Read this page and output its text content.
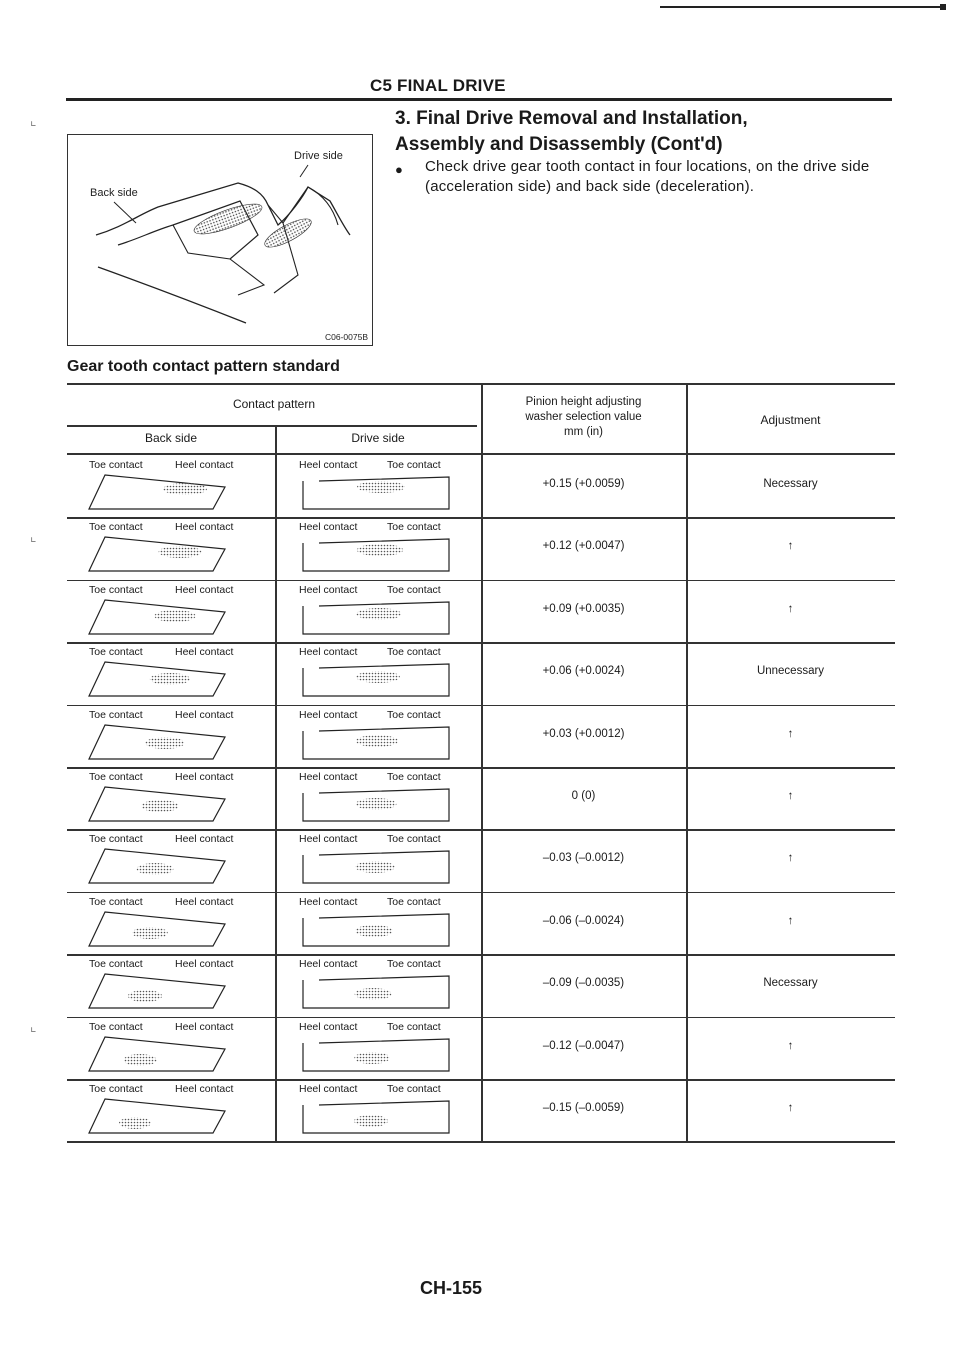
⌞
⌞
⌞
C5 FINAL DRIVE
3. Final Drive Removal and Installation,
Assembly and Disassembly (Cont'd)
●	Check drive gear tooth contact in four locations, on the drive side (acceleration side) and back side (deceleration).
Drive side
Back side
C06-0075B
Gear tooth contact pattern standard
Contact pattern
Back side	Drive side
Pinion height adjusting
washer selection value
mm (in)
Adjustment
Toe contact	Heel contact	Heel contact	Toe contact
+0.15 (+0.0059)	Necessary
Toe contact	Heel contact	Heel contact	Toe contact
+0.12 (+0.0047)	↑
Toe contact	Heel contact	Heel contact	Toe contact
+0.09 (+0.0035)	↑
Toe contact	Heel contact	Heel contact	Toe contact
+0.06 (+0.0024)	Unnecessary
Toe contact	Heel contact	Heel contact	Toe contact
+0.03 (+0.0012)	↑
Toe contact	Heel contact	Heel contact	Toe contact
0 (0)	↑
Toe contact	Heel contact	Heel contact	Toe contact
–0.03 (–0.0012)	↑
Toe contact	Heel contact	Heel contact	Toe contact
–0.06 (–0.0024)	↑
Toe contact	Heel contact	Heel contact	Toe contact
–0.09 (–0.0035)	Necessary
Toe contact	Heel contact	Heel contact	Toe contact
–0.12 (–0.0047)	↑
Toe contact	Heel contact	Heel contact	Toe contact
–0.15 (–0.0059)	↑
CH-155
